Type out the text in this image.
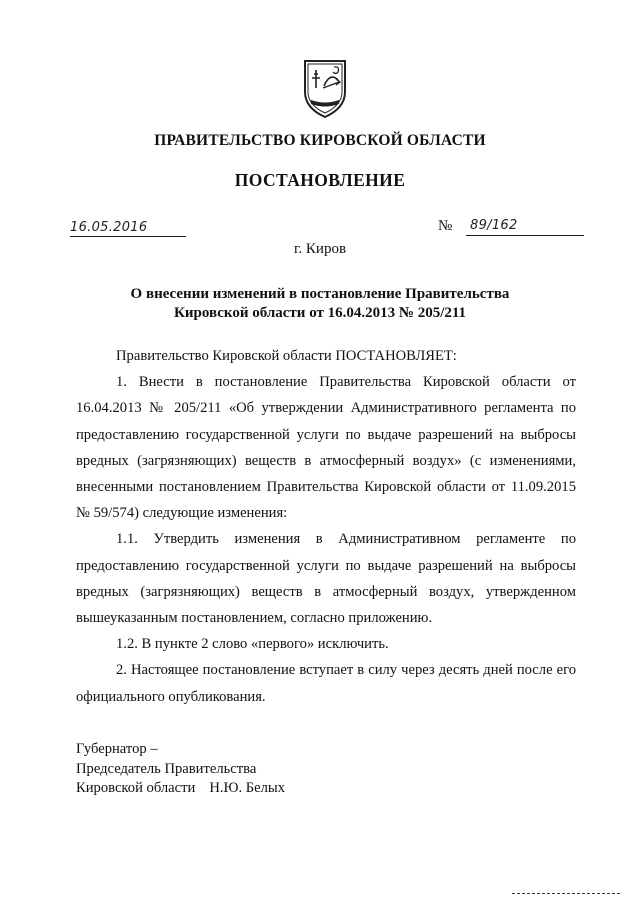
ПРАВИТЕЛЬСТВО КИРОВСКОЙ ОБЛАСТИ
ПОСТАНОВЛЕНИЕ
16.05.2016	№ 89/162
г. Киров
О внесении изменений в постановление Правительства
Кировской области от 16.04.2013 № 205/211

Правительство Кировской области ПОСТАНОВЛЯЕТ:

1. Внести в постановление Правительства Кировской области от 16.04.2013 № 205/211 «Об утверждении Административного регламента по предоставлению государственной услуги по выдаче разрешений на выбросы вредных (загрязняющих) веществ в атмосферный воздух» (с изменениями, внесенными постановлением Правительства Кировской области от 11.09.2015 № 59/574) следующие изменения:

1.1. Утвердить изменения в Административном регламенте по предоставлению государственной услуги по выдаче разрешений на выбросы вредных (загрязняющих) веществ в атмосферный воздух, утвержденном вышеуказанным постановлением, согласно приложению.

1.2. В пункте 2 слово «первого» исключить.

2. Настоящее постановление вступает в силу через десять дней после его официального опубликования.

Губернатор –
Председатель Правительства
Кировской области Н.Ю. Белых
